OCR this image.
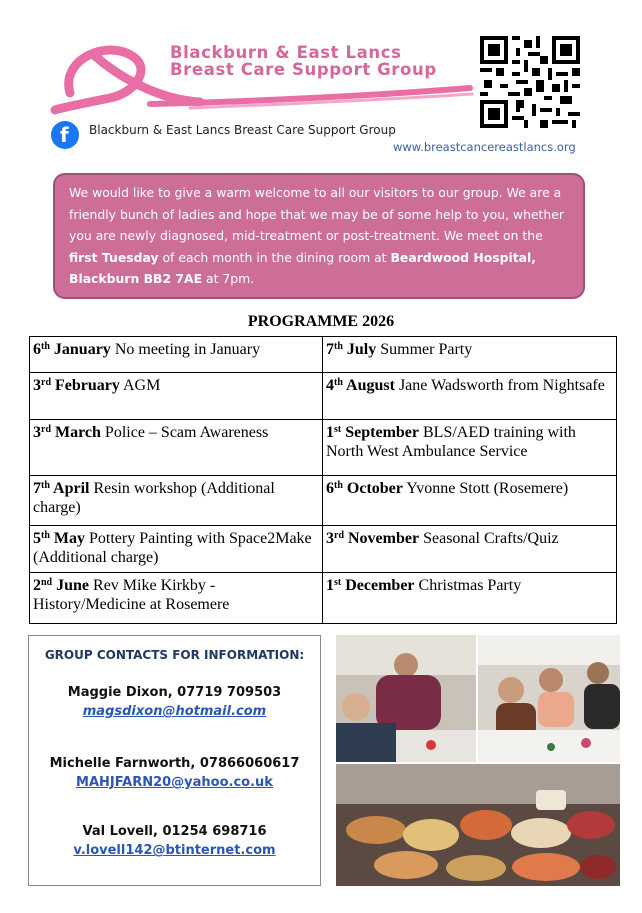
Blackburn & East Lancs
Breast Care Support Group
f Blackburn & East Lancs Breast Care Support Group
www.breastcancereastlancs.org
We would like to give a warm welcome to all our visitors to our group. We are a friendly bunch of ladies and hope that we may be of some help to you, whether you are newly diagnosed, mid-treatment or post-treatment. We meet on the first Tuesday of each month in the dining room at Beardwood Hospital, Blackburn BB2 7AE at 7pm.
PROGRAMME 2026
6th January No meeting in January	7th July Summer Party
3rd February AGM	4th August Jane Wadsworth from Nightsafe
3rd March Police – Scam Awareness	1st September BLS/AED training with North West Ambulance Service
7th April Resin workshop (Additional charge)	6th October Yvonne Stott (Rosemere)
5th May Pottery Painting with Space2Make (Additional charge)	3rd November Seasonal Crafts/Quiz
2nd June Rev Mike Kirkby - History/Medicine at Rosemere	1st December Christmas Party
GROUP CONTACTS FOR INFORMATION:
Maggie Dixon, 07719 709503
magsdixon@hotmail.com
Michelle Farnworth, 07866060617
MAHJFARN20@yahoo.co.uk
Val Lovell, 01254 698716
v.lovell142@btinternet.com
